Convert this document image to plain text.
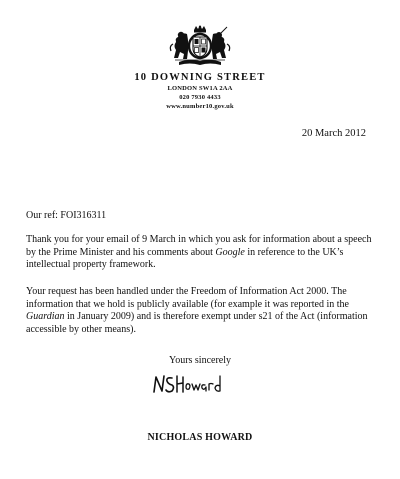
10 DOWNING STREET
LONDON SW1A 2AA
020 7930 4433
www.number10.gov.uk
20 March 2012
Our ref: FOI316311

Thank you for your email of 9 March in which you ask for information about a speech by the Prime Minister and his comments about Google in reference to the UK’s intellectual property framework.

Your request has been handled under the Freedom of Information Act 2000. The information that we hold is publicly available (for example it was reported in the Guardian in January 2009) and is therefore exempt under s21 of the Act (information accessible by other means).

Yours sincerely
NICHOLAS HOWARD
